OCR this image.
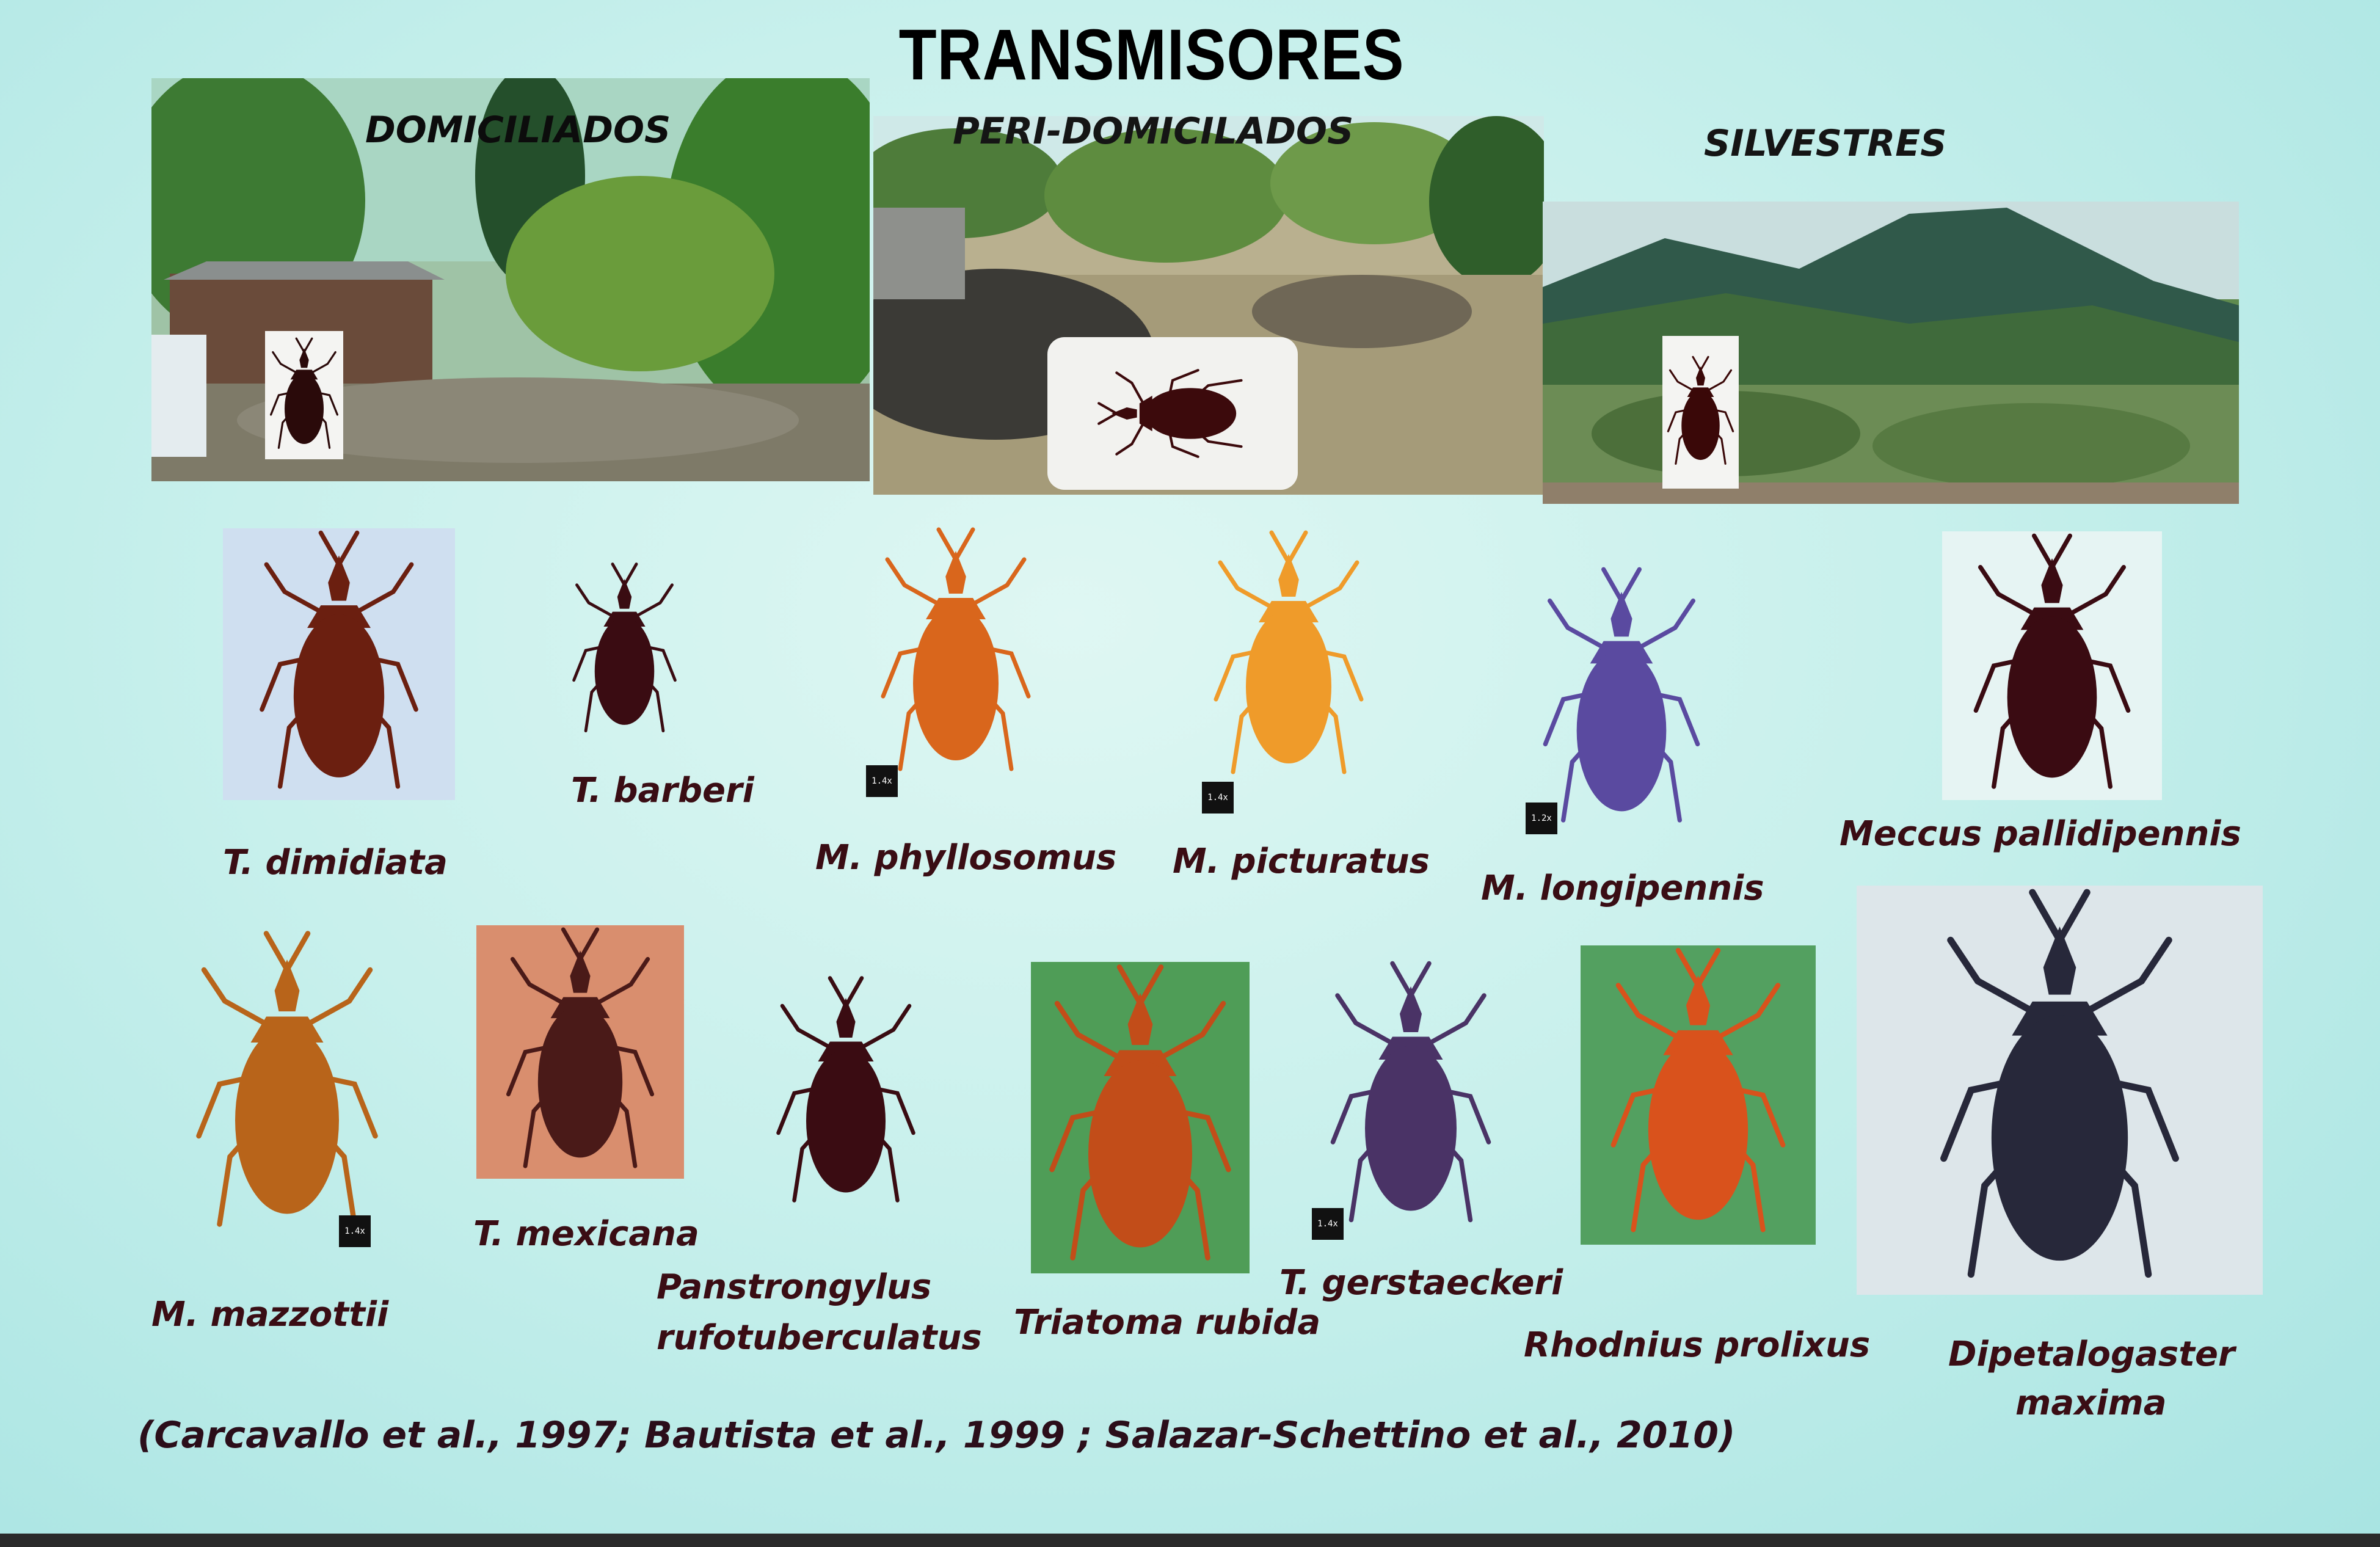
TRANSMISORES
DOMICILIADOS	PERI-DOMICILADOS	SILVESTRES
T. dimidiata
T. barberi	1.4x
M. phyllosomus
1.4x
M. picturatus
1.2x
M. longipennis
Meccus pallidipennis
1.4x
M. mazzottii
T. mexicana
Panstrongylus
rufotuberculatus Triatoma rubida
1.4x
T. gerstaeckeri
Rhodnius prolixus Dipetalogaster
maxima
(Carcavallo et al., 1997; Bautista et al., 1999 ; Salazar-Schettino et al., 2010)
